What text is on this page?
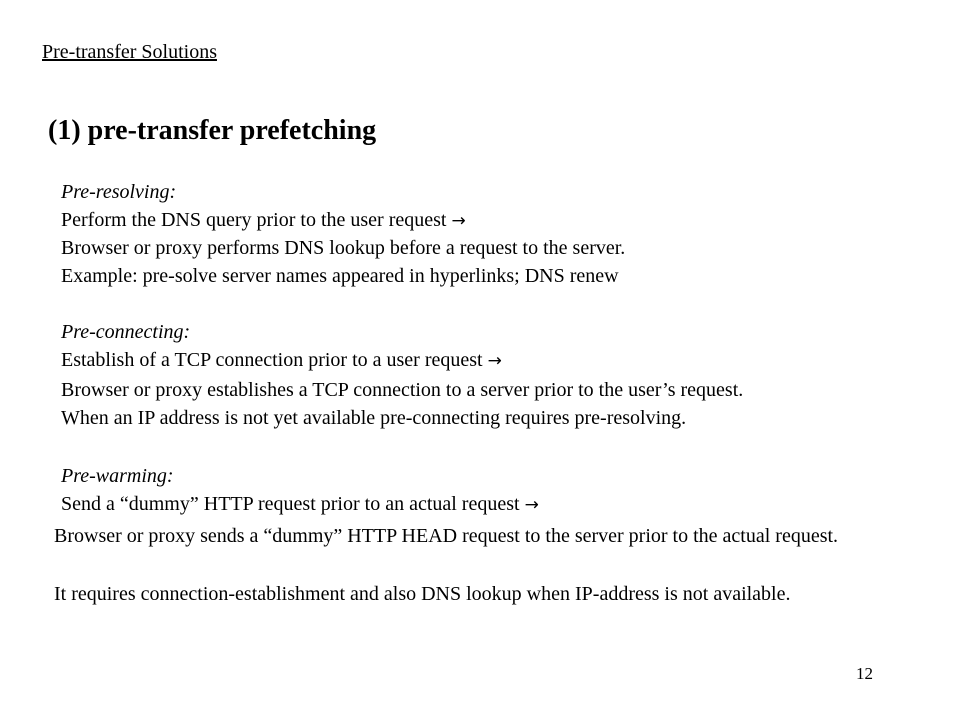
Pre-transfer Solutions
(1) pre-transfer prefetching
Pre-resolving:
Perform the DNS query prior to the user request →
Browser or proxy performs DNS lookup before a request to the server.
Example: pre-solve server names appeared in hyperlinks; DNS renew
Pre-connecting:
Establish of a TCP connection prior to a user request →
Browser or proxy establishes a TCP connection to a server prior to the user’s request.
When an IP address is not yet available pre-connecting requires pre-resolving.
Pre-warming:
Send a “dummy” HTTP request prior to an actual request →
Browser or proxy sends a “dummy” HTTP HEAD request to the server prior to the actual request.
It requires connection-establishment and also DNS lookup when IP-address is not available.
12
